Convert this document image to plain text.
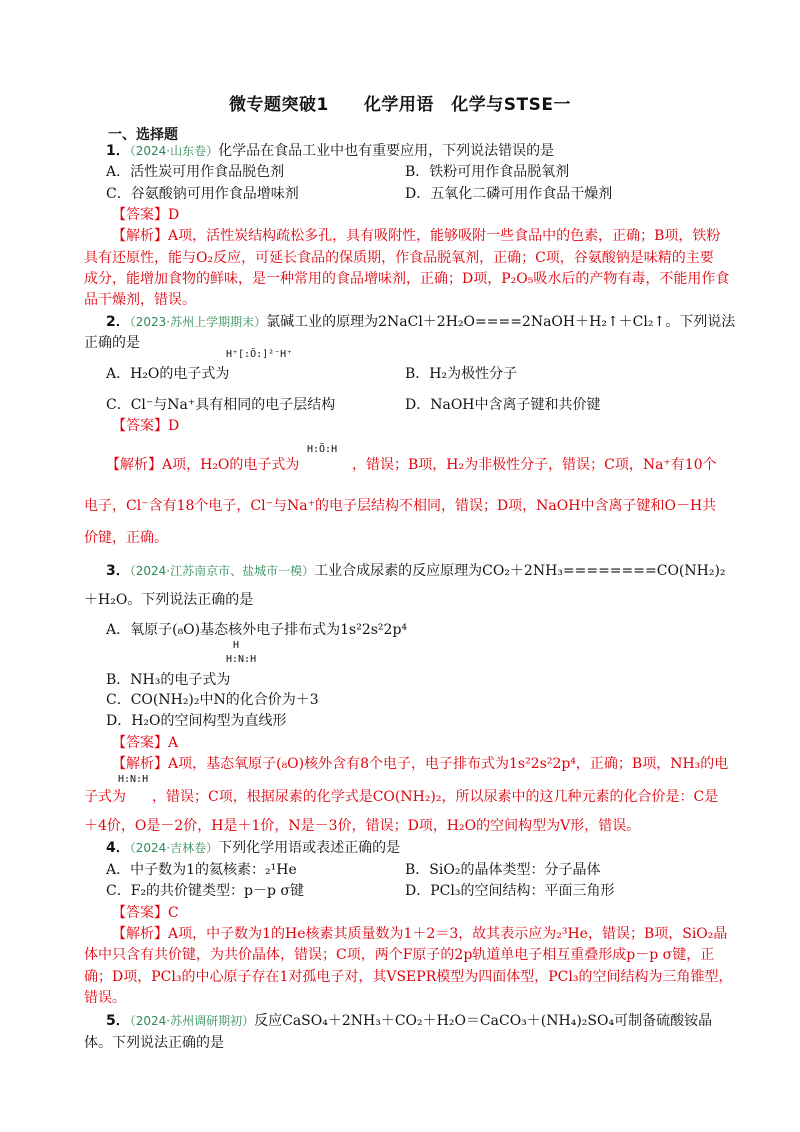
微专题突破1　　化学用语　化学与STSE一
一、选择题
1．（2024·山东卷）化学品在食品工业中也有重要应用，下列说法错误的是
A．活性炭可用作食品脱色剂	B．铁粉可用作食品脱氧剂
C．谷氨酸钠可用作食品增味剂	D．五氧化二磷可用作食品干燥剂
【答案】D
【解析】A项，活性炭结构疏松多孔，具有吸附性，能够吸附一些食品中的色素，正确；B项，铁粉
具有还原性，能与O₂反应，可延长食品的保质期，作食品脱氧剂，正确；C项，谷氨酸钠是味精的主要
成分，能增加食物的鲜味，是一种常用的食品增味剂，正确；D项，P₂O₅吸水后的产物有毒，不能用作食
品干燥剂，错误。
2．（2023·苏州上学期期末）氯碱工业的原理为2NaCl＋2H₂O====2NaOH＋H₂↑＋Cl₂↑。下列说法
正确的是
H⁺[:Ö:]²⁻H⁺
A．H₂O的电子式为	B．H₂为极性分子
C．Cl⁻与Na⁺具有相同的电子层结构	D．NaOH中含离子键和共价键
【答案】D
【解析】A项，H₂O的电子式为
H:Ö:H
，错误；B项，H₂为非极性分子，错误；C项，Na⁺有10个
电子，Cl⁻含有18个电子，Cl⁻与Na⁺的电子层结构不相同，错误；D项，NaOH中含离子键和O－H共
价键，正确。
3．（2024·江苏南京市、盐城市一模）工业合成尿素的反应原理为CO₂＋2NH₃========CO(NH₂)₂
＋H₂O。下列说法正确的是
A．氧原子(₈O)基态核外电子排布式为1s²2s²2p⁴
H
H:N:H
B．NH₃的电子式为
C．CO(NH₂)₂中N的化合价为＋3
D．H₂O的空间构型为直线形
【答案】A
【解析】A项，基态氧原子(₈O)核外含有8个电子，电子排布式为1s²2s²2p⁴，正确；B项，NH₃的电
H:N:H
子式为 ，错误；C项，根据尿素的化学式是CO(NH₂)₂，所以尿素中的这几种元素的化合价是：C是
＋4价，O是－2价，H是＋1价，N是－3价，错误；D项，H₂O的空间构型为V形，错误。
4．（2024·吉林卷）下列化学用语或表述正确的是
A．中子数为1的氦核素：₂¹He	B．SiO₂的晶体类型：分子晶体
C．F₂的共价键类型：p－p σ键	D．PCl₃的空间结构：平面三角形
【答案】C
【解析】A项，中子数为1的He核素其质量数为1＋2＝3，故其表示应为₂³He，错误；B项，SiO₂晶
体中只含有共价键，为共价晶体，错误；C项，两个F原子的2p轨道单电子相互重叠形成p－p σ键，正
确；D项，PCl₃的中心原子存在1对孤电子对，其VSEPR模型为四面体型，PCl₃的空间结构为三角锥型，
错误。
5．（2024·苏州调研期初）反应CaSO₄＋2NH₃＋CO₂＋H₂O＝CaCO₃＋(NH₄)₂SO₄可制备硫酸铵晶
体。下列说法正确的是
